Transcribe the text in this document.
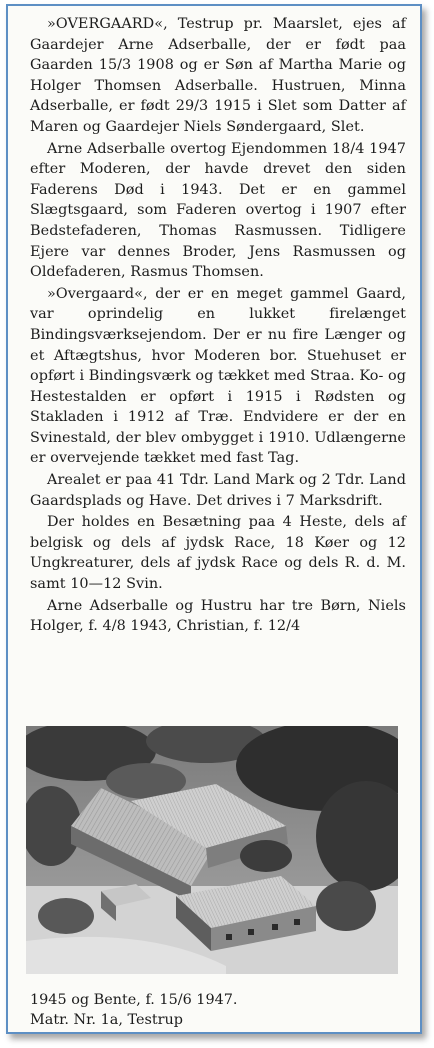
»OVERGAARD«, Testrup pr. Maarslet, ejes af Gaardejer Arne Adserballe, der er født paa Gaarden 15/3 1908 og er Søn af Martha Marie og Holger Thomsen Adserballe. Hustruen, Minna Adserballe, er født 29/3 1915 i Slet som Datter af Maren og Gaardejer Niels Søndergaard, Slet.

Arne Adserballe overtog Ejendommen 18/4 1947 efter Moderen, der havde drevet den siden Faderens Død i 1943. Det er en gammel Slægtsgaard, som Faderen overtog i 1907 efter Bedstefaderen, Thomas Rasmussen. Tidligere Ejere var dennes Broder, Jens Rasmussen og Oldefaderen, Rasmus Thomsen.

»Overgaard«, der er en meget gammel Gaard, var oprindelig en lukket firelænget Bindingsværksejendom. Der er nu fire Længer og et Aftægtshus, hvor Moderen bor. Stuehuset er opført i Bindingsværk og tækket med Straa. Ko- og Hestestalden er opført i 1915 i Rødsten og Stakladen i 1912 af Træ. Endvidere er der en Svinestald, der blev ombygget i 1910. Udlængerne er overvejende tækket med fast Tag.

Arealet er paa 41 Tdr. Land Mark og 2 Tdr. Land Gaardsplads og Have. Det drives i 7 Marksdrift.

Der holdes en Besætning paa 4 Heste, dels af belgisk og dels af jydsk Race, 18 Køer og 12 Ungkreaturer, dels af jydsk Race og dels R. d. M. samt 10—12 Svin.

Arne Adserballe og Hustru har tre Børn, Niels Holger, f. 4/8 1943, Christian, f. 12/4

1945 og Bente, f. 15/6 1947.

Matr. Nr. 1a, Testrup
